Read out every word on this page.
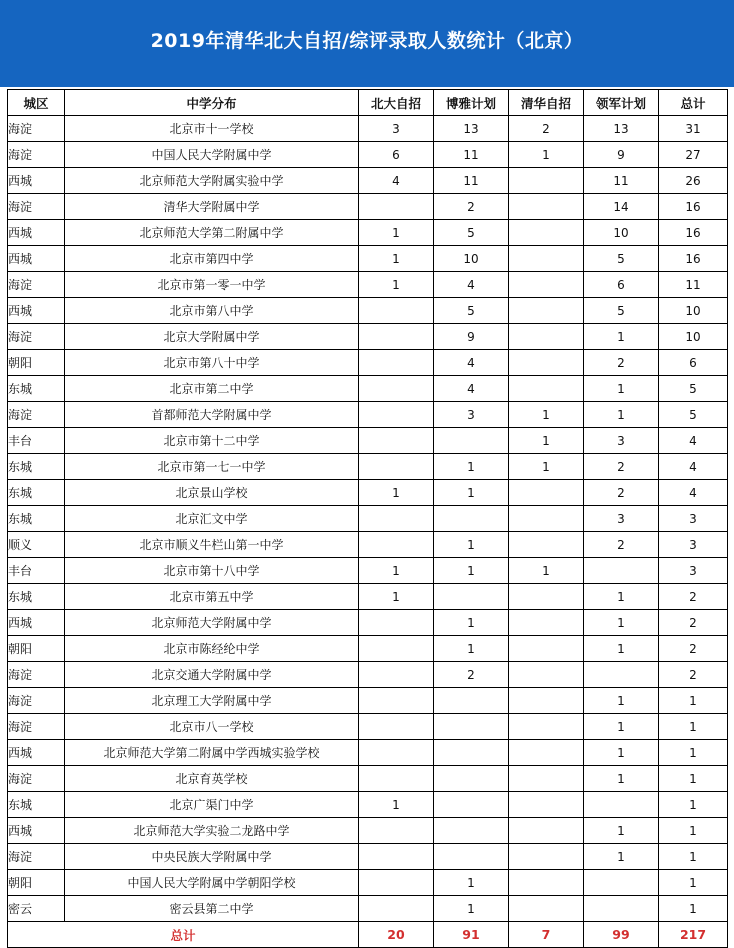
2019年清华北大自招/综评录取人数统计（北京）
城区	中学分布	北大自招	博雅计划	清华自招	领军计划	总计
海淀	北京市十一学校	3	13	2	13	31
海淀	中国人民大学附属中学	6	11	1	9	27
西城	北京师范大学附属实验中学	4	11		11	26
海淀	清华大学附属中学		2		14	16
西城	北京师范大学第二附属中学	1	5		10	16
西城	北京市第四中学	1	10		5	16
海淀	北京市第一零一中学	1	4		6	11
西城	北京市第八中学		5		5	10
海淀	北京大学附属中学		9		1	10
朝阳	北京市第八十中学		4		2	6
东城	北京市第二中学		4		1	5
海淀	首都师范大学附属中学		3	1	1	5
丰台	北京市第十二中学			1	3	4
东城	北京市第一七一中学		1	1	2	4
东城	北京景山学校	1	1		2	4
东城	北京汇文中学				3	3
顺义	北京市顺义牛栏山第一中学		1		2	3
丰台	北京市第十八中学	1	1	1		3
东城	北京市第五中学	1			1	2
西城	北京师范大学附属中学		1		1	2
朝阳	北京市陈经纶中学		1		1	2
海淀	北京交通大学附属中学		2			2
海淀	北京理工大学附属中学				1	1
海淀	北京市八一学校				1	1
西城	北京师范大学第二附属中学西城实验学校				1	1
海淀	北京育英学校				1	1
东城	北京广渠门中学	1				1
西城	北京师范大学实验二龙路中学				1	1
海淀	中央民族大学附属中学				1	1
朝阳	中国人民大学附属中学朝阳学校		1			1
密云	密云县第二中学		1			1
总计		20	91	7	99	217
